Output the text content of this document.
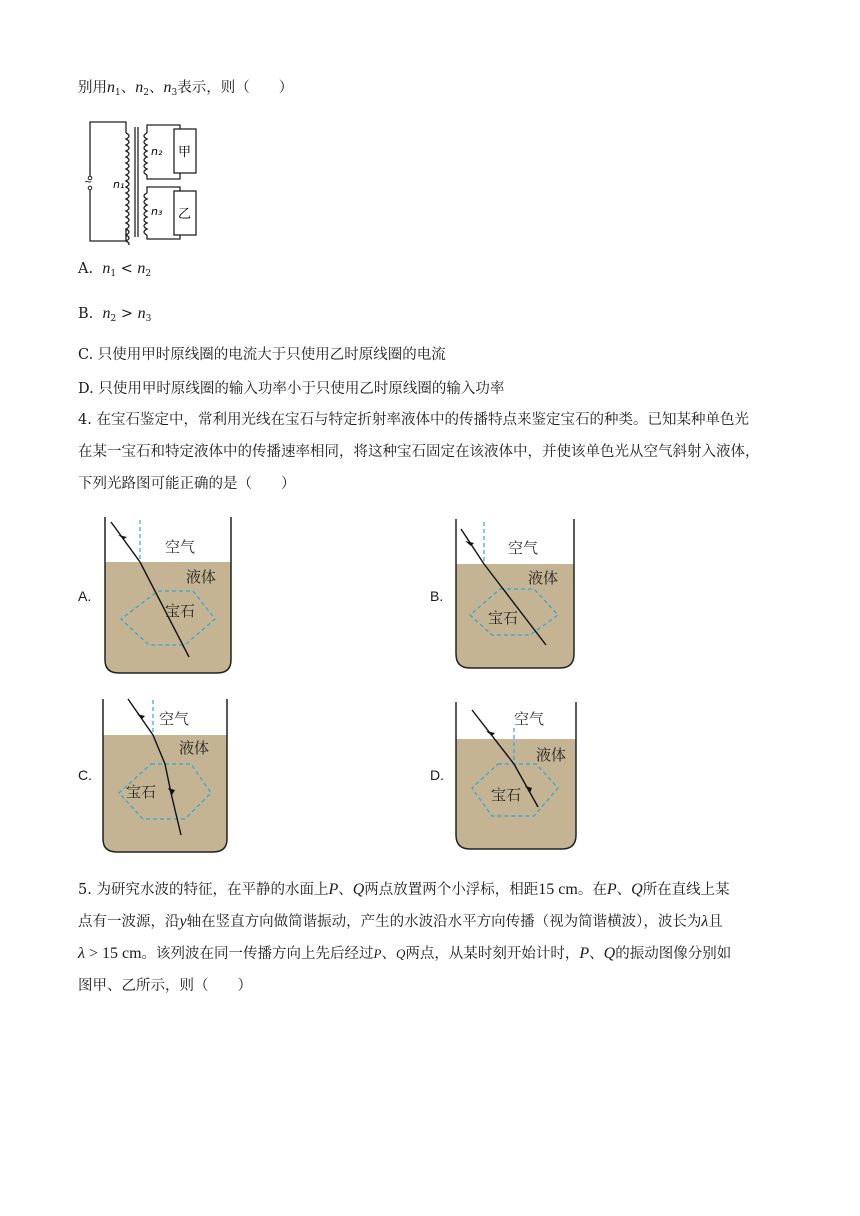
别用$n_1$、$n_2$、$n_3$表示，则（　　）
~ n₁
n₂
n₃
甲
乙
A. $n_1 < n_2$
B. $n_2 > n_3$
C. 只使用甲时原线圈的电流大于只使用乙时原线圈的电流
D. 只使用甲时原线圈的输入功率小于只使用乙时原线圈的输入功率
4. 在宝石鉴定中，常利用光线在宝石与特定折射率液体中的传播特点来鉴定宝石的种类。已知某种单色光
在某一宝石和特定液体中的传播速率相同，将这种宝石固定在该液体中，并使该单色光从空气斜射入液体，
下列光路图可能正确的是（　　）
A.
空气
液体
宝石
B.
空气
液体
宝石
C.
空气
液体
宝石
D.
空气
液体
宝石
5. 为研究水波的特征，在平静的水面上P、Q两点放置两个小浮标，相距15 cm。在P、Q所在直线上某
点有一波源，沿y轴在竖直方向做简谐振动，产生的水波沿水平方向传播（视为简谐横波），波长为λ且
λ > 15 cm。该列波在同一传播方向上先后经过P、Q两点，从某时刻开始计时，P、Q的振动图像分别如
图甲、乙所示，则（　　）
